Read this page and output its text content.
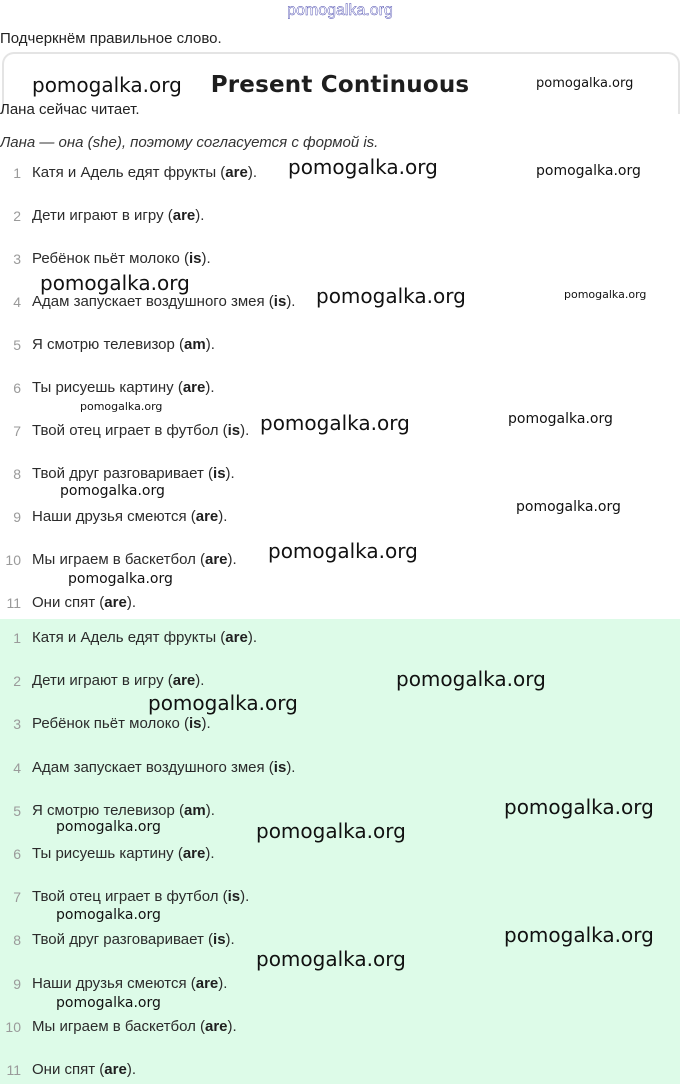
pomogalka.org
Подчеркнём правильное слово.
Present Continuous
Лана сейчас читает.
Лана — она (she), поэтому согласуется с формой is.
1 Катя и Адель едят фрукты (are).
2 Дети играют в игру (are).
3 Ребёнок пьёт молоко (is).
4 Адам запускает воздушного змея (is).
5 Я смотрю телевизор (am).
6 Ты рисуешь картину (are).
7 Твой отец играет в футбол (is).
8 Твой друг разговаривает (is).
9 Наши друзья смеются (are).
10 Мы играем в баскетбол (are).
11 Они спят (are).
1 Катя и Адель едят фрукты (are).
2 Дети играют в игру (are).
3 Ребёнок пьёт молоко (is).
4 Адам запускает воздушного змея (is).
5 Я смотрю телевизор (am).
6 Ты рисуешь картину (are).
7 Твой отец играет в футбол (is).
8 Твой друг разговаривает (is).
9 Наши друзья смеются (are).
10 Мы играем в баскетбол (are).
11 Они спят (are).
pomogalka.org	pomogalka.org
pomogalka.org	pomogalka.org
pomogalka.org
pomogalka.org	pomogalka.org
pomogalka.org
pomogalka.org	pomogalka.org
pomogalka.org
pomogalka.org
pomogalka.org
pomogalka.org
pomogalka.org
pomogalka.org
pomogalka.org
pomogalka.org	pomogalka.org
pomogalka.org
pomogalka.org
pomogalka.org
pomogalka.org
